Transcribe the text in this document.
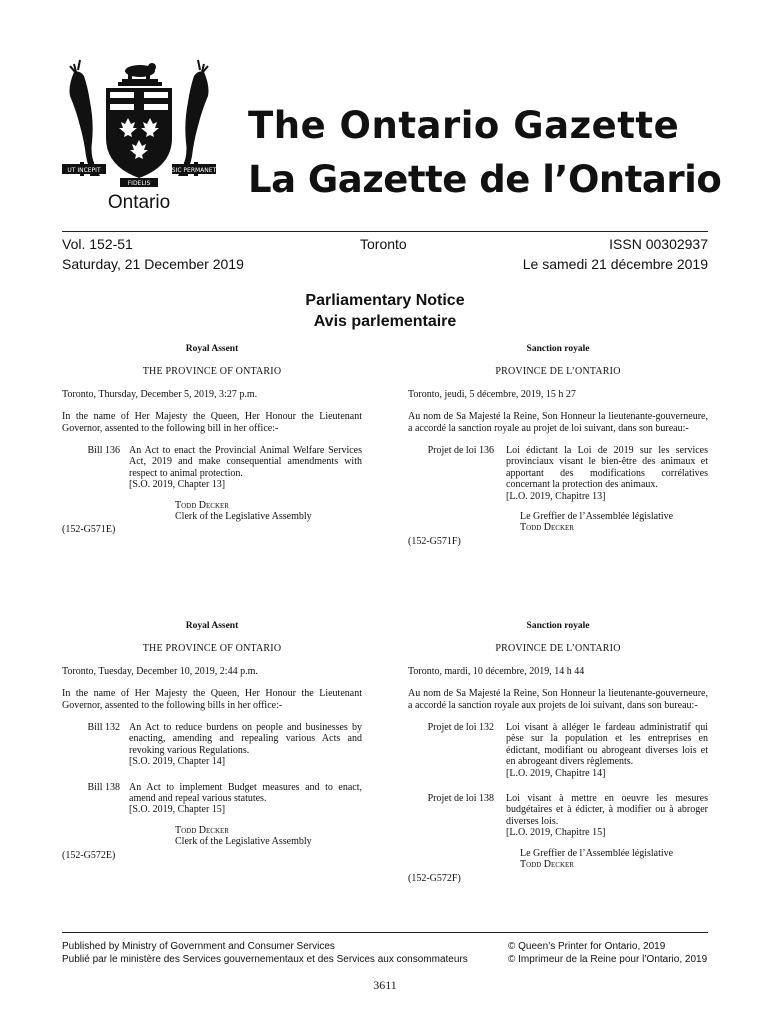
UT INCEPIT	SIC PERMANET
FIDELIS
Ontario
The Ontario Gazette
La Gazette de l’Ontario
Vol. 152-51	Toronto	ISSN 00302937
Saturday, 21 December 2019	Le samedi 21 décembre 2019
Parliamentary Notice
Avis parlementaire
Royal Assent
THE PROVINCE OF ONTARIO
Toronto, Thursday, December 5, 2019, 3:27 p.m.
In the name of Her Majesty the Queen, Her Honour the Lieutenant Governor, assented to the following bill in her office:-
Bill 136 An Act to enact the Provincial Animal Welfare Services Act, 2019 and make consequential amendments with respect to animal protection.
[S.O. 2019, Chapter 13]
Todd Decker
Clerk of the Legislative Assembly
(152-G571E)
Sanction royale
PROVINCE DE L’ONTARIO
Toronto, jeudi, 5 décembre, 2019, 15 h 27
Au nom de Sa Majesté la Reine, Son Honneur la lieutenante-gouverneure, a accordé la sanction royale au projet de loi suivant, dans son bureau:-
Projet de loi 136 Loi édictant la Loi de 2019 sur les services provinciaux visant le bien-être des animaux et apportant des modifications corrélatives concernant la protection des animaux.
[L.O. 2019, Chapitre 13]
Le Greffier de l’Assemblée législative
Todd Decker
(152-G571F)
Royal Assent
THE PROVINCE OF ONTARIO
Toronto, Tuesday, December 10, 2019, 2:44 p.m.
In the name of Her Majesty the Queen, Her Honour the Lieutenant Governor, assented to the following bills in her office:-
Bill 132 An Act to reduce burdens on people and businesses by enacting, amending and repealing various Acts and revoking various Regulations.
[S.O. 2019, Chapter 14]
Bill 138 An Act to implement Budget measures and to enact, amend and repeal various statutes.
[S.O. 2019, Chapter 15]
Todd Decker
Clerk of the Legislative Assembly
(152-G572E)
Sanction royale
PROVINCE DE L’ONTARIO
Toronto, mardi, 10 décembre, 2019, 14 h 44
Au nom de Sa Majesté la Reine, Son Honneur la lieutenante-gouverneure, a accordé la sanction royale aux projets de loi suivant, dans son bureau:-
Projet de loi 132 Loi visant à alléger le fardeau administratif qui pèse sur la population et les entreprises en édictant, modifiant ou abrogeant diverses lois et en abrogeant divers règlements.
[L.O. 2019, Chapitre 14]
Projet de loi 138 Loi visant à mettre en oeuvre les mesures budgétaires et à édicter, à modifier ou à abroger diverses lois.
[L.O. 2019, Chapitre 15]
Le Greffier de l’Assemblée législative
Todd Decker
(152-G572F)
Published by Ministry of Government and Consumer Services
Publié par le ministère des Services gouvernementaux et des Services aux consommateurs
© Queen’s Printer for Ontario, 2019
© Imprimeur de la Reine pour l’Ontario, 2019
3611
